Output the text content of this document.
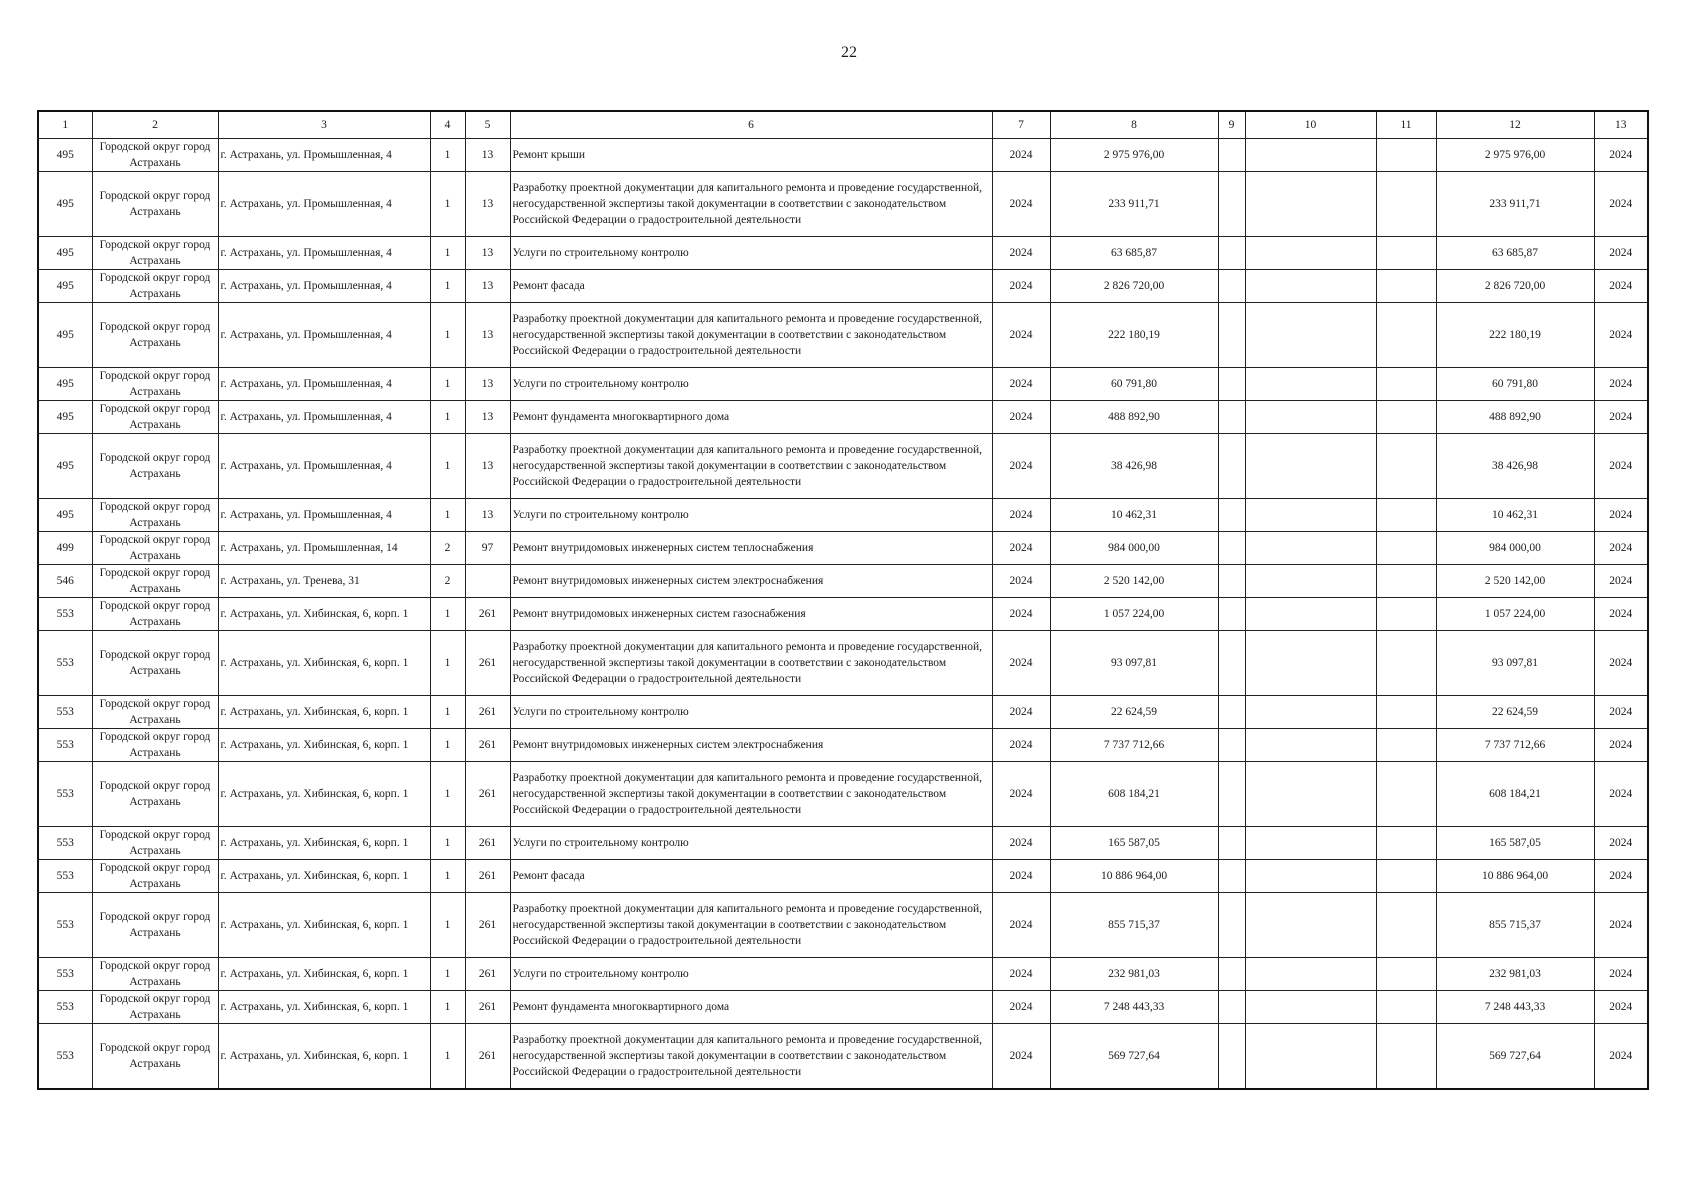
22
1	2	3	4	5	6	7	8	9	10	11	12	13
495	Городской округ город Астрахань	г. Астрахань, ул. Промышленная, 4	1	13	Ремонт крыши	2024	2 975 976,00				2 975 976,00	2024
495	Городской округ город Астрахань	г. Астрахань, ул. Промышленная, 4	1	13	Разработку проектной документации для капитального ремонта и проведение государственной, негосударственной экспертизы такой документации в соответствии с законодательством Российской Федерации о градостроительной деятельности	2024	233 911,71				233 911,71	2024
495	Городской округ город Астрахань	г. Астрахань, ул. Промышленная, 4	1	13	Услуги по строительному контролю	2024	63 685,87				63 685,87	2024
495	Городской округ город Астрахань	г. Астрахань, ул. Промышленная, 4	1	13	Ремонт фасада	2024	2 826 720,00				2 826 720,00	2024
495	Городской округ город Астрахань	г. Астрахань, ул. Промышленная, 4	1	13	Разработку проектной документации для капитального ремонта и проведение государственной, негосударственной экспертизы такой документации в соответствии с законодательством Российской Федерации о градостроительной деятельности	2024	222 180,19				222 180,19	2024
495	Городской округ город Астрахань	г. Астрахань, ул. Промышленная, 4	1	13	Услуги по строительному контролю	2024	60 791,80				60 791,80	2024
495	Городской округ город Астрахань	г. Астрахань, ул. Промышленная, 4	1	13	Ремонт фундамента многоквартирного дома	2024	488 892,90				488 892,90	2024
495	Городской округ город Астрахань	г. Астрахань, ул. Промышленная, 4	1	13	Разработку проектной документации для капитального ремонта и проведение государственной, негосударственной экспертизы такой документации в соответствии с законодательством Российской Федерации о градостроительной деятельности	2024	38 426,98				38 426,98	2024
495	Городской округ город Астрахань	г. Астрахань, ул. Промышленная, 4	1	13	Услуги по строительному контролю	2024	10 462,31				10 462,31	2024
499	Городской округ город Астрахань	г. Астрахань, ул. Промышленная, 14	2	97	Ремонт внутридомовых инженерных систем теплоснабжения	2024	984 000,00				984 000,00	2024
546	Городской округ город Астрахань	г. Астрахань, ул. Тренева, 31	2		Ремонт внутридомовых инженерных систем электроснабжения	2024	2 520 142,00				2 520 142,00	2024
553	Городской округ город Астрахань	г. Астрахань, ул. Хибинская, 6, корп. 1	1	261	Ремонт внутридомовых инженерных систем газоснабжения	2024	1 057 224,00				1 057 224,00	2024
553	Городской округ город Астрахань	г. Астрахань, ул. Хибинская, 6, корп. 1	1	261	Разработку проектной документации для капитального ремонта и проведение государственной, негосударственной экспертизы такой документации в соответствии с законодательством Российской Федерации о градостроительной деятельности	2024	93 097,81				93 097,81	2024
553	Городской округ город Астрахань	г. Астрахань, ул. Хибинская, 6, корп. 1	1	261	Услуги по строительному контролю	2024	22 624,59				22 624,59	2024
553	Городской округ город Астрахань	г. Астрахань, ул. Хибинская, 6, корп. 1	1	261	Ремонт внутридомовых инженерных систем электроснабжения	2024	7 737 712,66				7 737 712,66	2024
553	Городской округ город Астрахань	г. Астрахань, ул. Хибинская, 6, корп. 1	1	261	Разработку проектной документации для капитального ремонта и проведение государственной, негосударственной экспертизы такой документации в соответствии с законодательством Российской Федерации о градостроительной деятельности	2024	608 184,21				608 184,21	2024
553	Городской округ город Астрахань	г. Астрахань, ул. Хибинская, 6, корп. 1	1	261	Услуги по строительному контролю	2024	165 587,05				165 587,05	2024
553	Городской округ город Астрахань	г. Астрахань, ул. Хибинская, 6, корп. 1	1	261	Ремонт фасада	2024	10 886 964,00				10 886 964,00	2024
553	Городской округ город Астрахань	г. Астрахань, ул. Хибинская, 6, корп. 1	1	261	Разработку проектной документации для капитального ремонта и проведение государственной, негосударственной экспертизы такой документации в соответствии с законодательством Российской Федерации о градостроительной деятельности	2024	855 715,37				855 715,37	2024
553	Городской округ город Астрахань	г. Астрахань, ул. Хибинская, 6, корп. 1	1	261	Услуги по строительному контролю	2024	232 981,03				232 981,03	2024
553	Городской округ город Астрахань	г. Астрахань, ул. Хибинская, 6, корп. 1	1	261	Ремонт фундамента многоквартирного дома	2024	7 248 443,33				7 248 443,33	2024
553	Городской округ город Астрахань	г. Астрахань, ул. Хибинская, 6, корп. 1	1	261	Разработку проектной документации для капитального ремонта и проведение государственной, негосударственной экспертизы такой документации в соответствии с законодательством Российской Федерации о градостроительной деятельности	2024	569 727,64				569 727,64	2024
